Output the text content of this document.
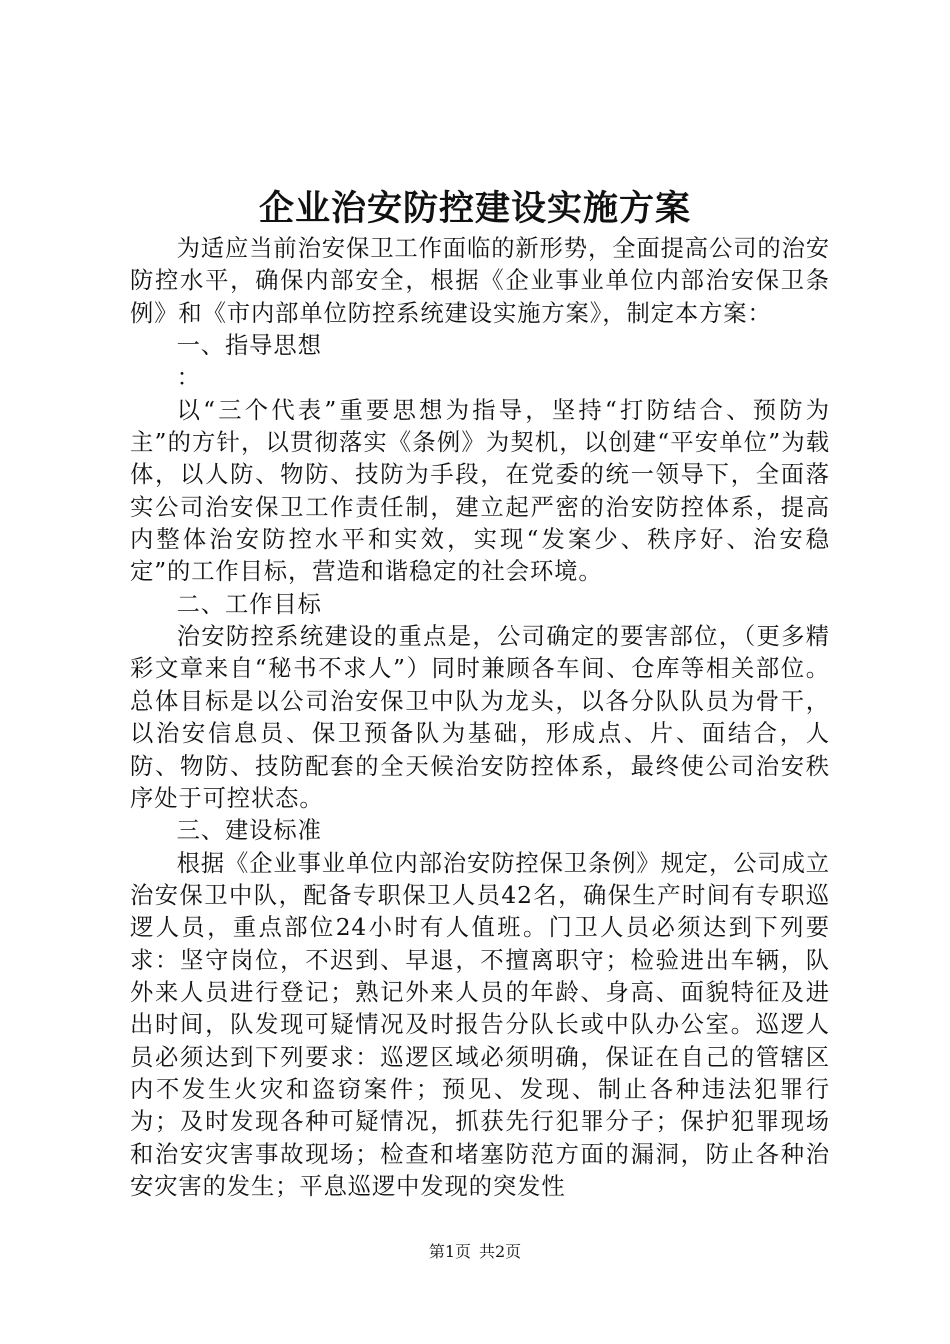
企业治安防控建设实施方案

为适应当前治安保卫工作面临的新形势，全面提高公司的治安防控水平，确保内部安全，根据《企业事业单位内部治安保卫条例》和《市内部单位防控系统建设实施方案》，制定本方案：

一、指导思想

：

以“三个代表”重要思想为指导，坚持“打防结合、预防为主”的方针，以贯彻落实《条例》为契机，以创建“平安单位”为载体，以人防、物防、技防为手段，在党委的统一领导下，全面落实公司治安保卫工作责任制，建立起严密的治安防控体系，提高内整体治安防控水平和实效，实现“发案少、秩序好、治安稳定”的工作目标，营造和谐稳定的社会环境。

二、工作目标

治安防控系统建设的重点是，公司确定的要害部位，（更多精彩文章来自“秘书不求人”）同时兼顾各车间、仓库等相关部位。总体目标是以公司治安保卫中队为龙头，以各分队队员为骨干，以治安信息员、保卫预备队为基础，形成点、片、面结合，人防、物防、技防配套的全天候治安防控体系，最终使公司治安秩序处于可控状态。

三、建设标准

根据《企业事业单位内部治安防控保卫条例》规定，公司成立治安保卫中队，配备专职保卫人员42名，确保生产时间有专职巡逻人员，重点部位24小时有人值班。门卫人员必须达到下列要求：坚守岗位，不迟到、早退，不擅离职守；检验进出车辆，队外来人员进行登记；熟记外来人员的年龄、身高、面貌特征及进出时间，队发现可疑情况及时报告分队长或中队办公室。巡逻人员必须达到下列要求：巡逻区域必须明确，保证在自己的管辖区内不发生火灾和盗窃案件；预见、发现、制止各种违法犯罪行为；及时发现各种可疑情况，抓获先行犯罪分子；保护犯罪现场和治安灾害事故现场；检查和堵塞防范方面的漏洞，防止各种治安灾害的发生；平息巡逻中发现的突发性

第1页 共2页
